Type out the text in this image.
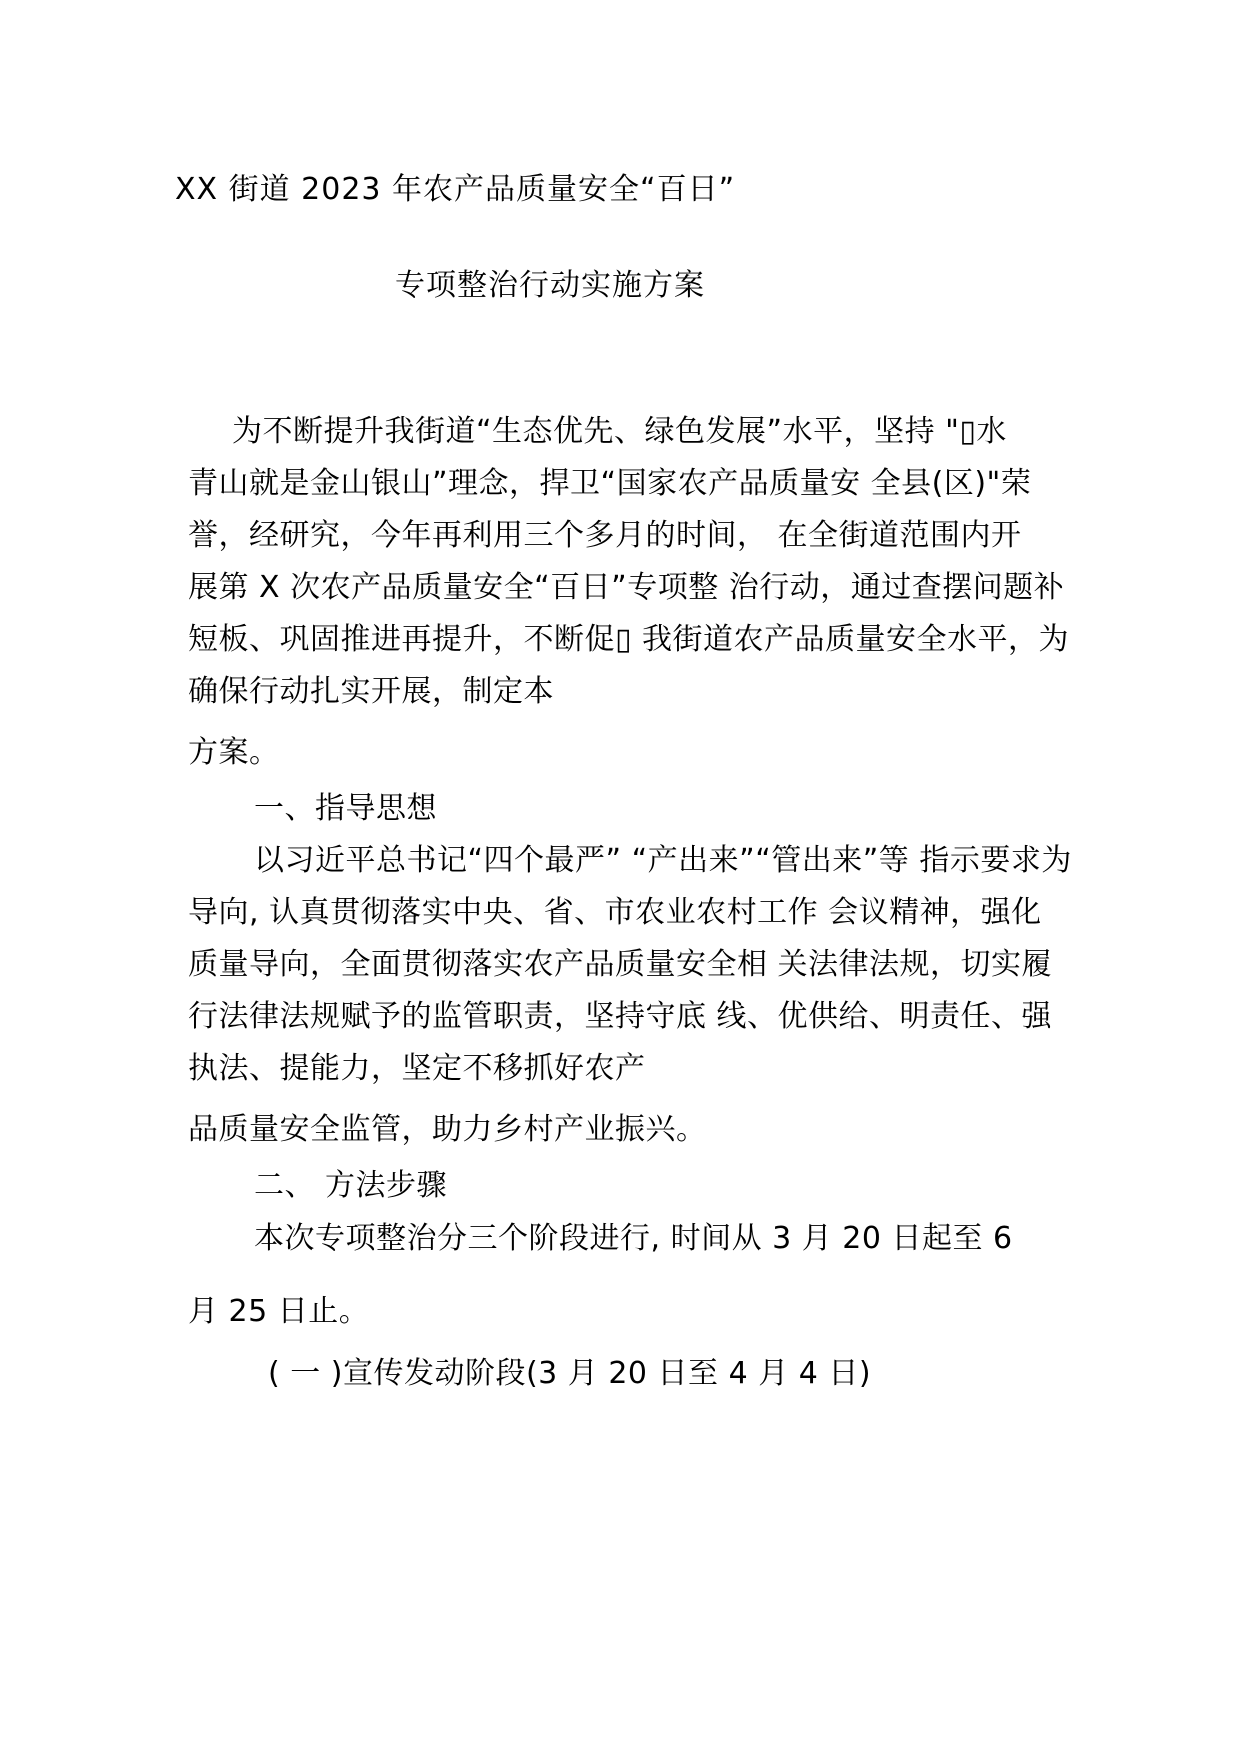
XX 街道 2023 年农产品质量安全“百日”
专项整治行动实施方案
为不断提升我街道“生态优先、绿色发展”水平，坚持 "▯水
青山就是金山银山”理念，捍卫“国家农产品质量安 全县(区)"荣
誉，经研究，今年再利用三个多月的时间， 在全街道范围内开
展第 X 次农产品质量安全“百日”专项整 治行动，通过查摆问题补
短板、巩固推进再提升，不断促▯ 我街道农产品质量安全水平，为
确保行动扎实开展，制定本
方案。
一、指导思想
以习近平总书记“四个最严” “产出来”“管出来”等 指示要求为
导向, 认真贯彻落实中央、省、市农业农村工作 会议精神，强化
质量导向，全面贯彻落实农产品质量安全相 关法律法规，切实履
行法律法规赋予的监管职责，坚持守底 线、优供给、明责任、强
执法、提能力，坚定不移抓好农产
品质量安全监管，助力乡村产业振兴。
二、 方法步骤
本次专项整治分三个阶段进行, 时间从 3 月 20 日起至 6
月 25 日止。
( 一 )宣传发动阶段(3 月 20 日至 4 月 4 日)
